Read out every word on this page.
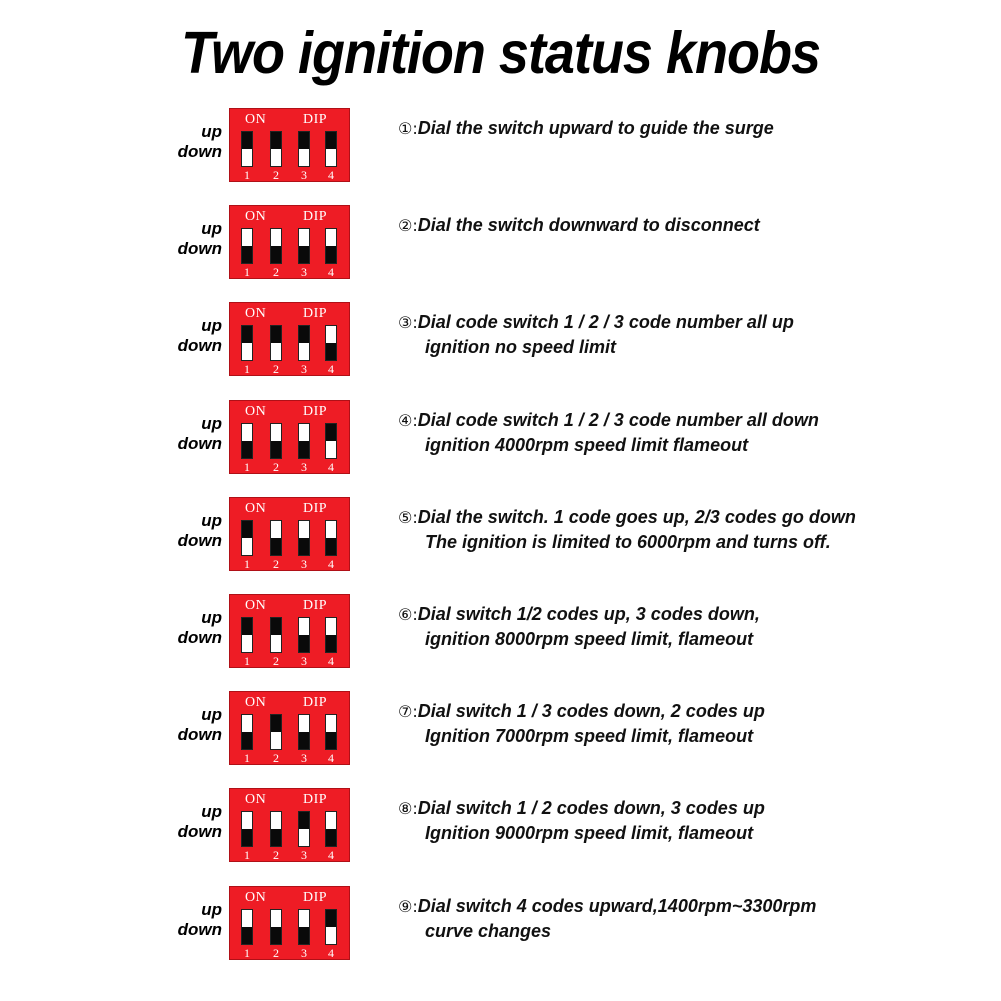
Two ignition status knobs
up
down
ON	DIP
1 2 3 4
①:Dial the switch upward to guide the surge
up
down
ON	DIP
1 2 3 4
②:Dial the switch downward to disconnect
up
down
ON	DIP
1 2 3 4
③:Dial code switch 1 / 2 / 3 code number all up
ignition no speed limit
up
down
ON	DIP
1 2 3 4
④:Dial code switch 1 / 2 / 3 code number all down
ignition 4000rpm speed limit flameout
up
down
ON	DIP
1 2 3 4
⑤:Dial the switch. 1 code goes up, 2/3 codes go down
The ignition is limited to 6000rpm and turns off.
up
down
ON	DIP
1 2 3 4
⑥:Dial switch 1/2 codes up, 3 codes down,
ignition 8000rpm speed limit, flameout
up
down
ON	DIP
1 2 3 4
⑦:Dial switch 1 / 3 codes down, 2 codes up
Ignition 7000rpm speed limit, flameout
up
down
ON	DIP
1 2 3 4
⑧:Dial switch 1 / 2 codes down, 3 codes up
Ignition 9000rpm speed limit, flameout
up
down
ON	DIP
1 2 3 4
⑨:Dial switch 4 codes upward,1400rpm~3300rpm
curve changes
